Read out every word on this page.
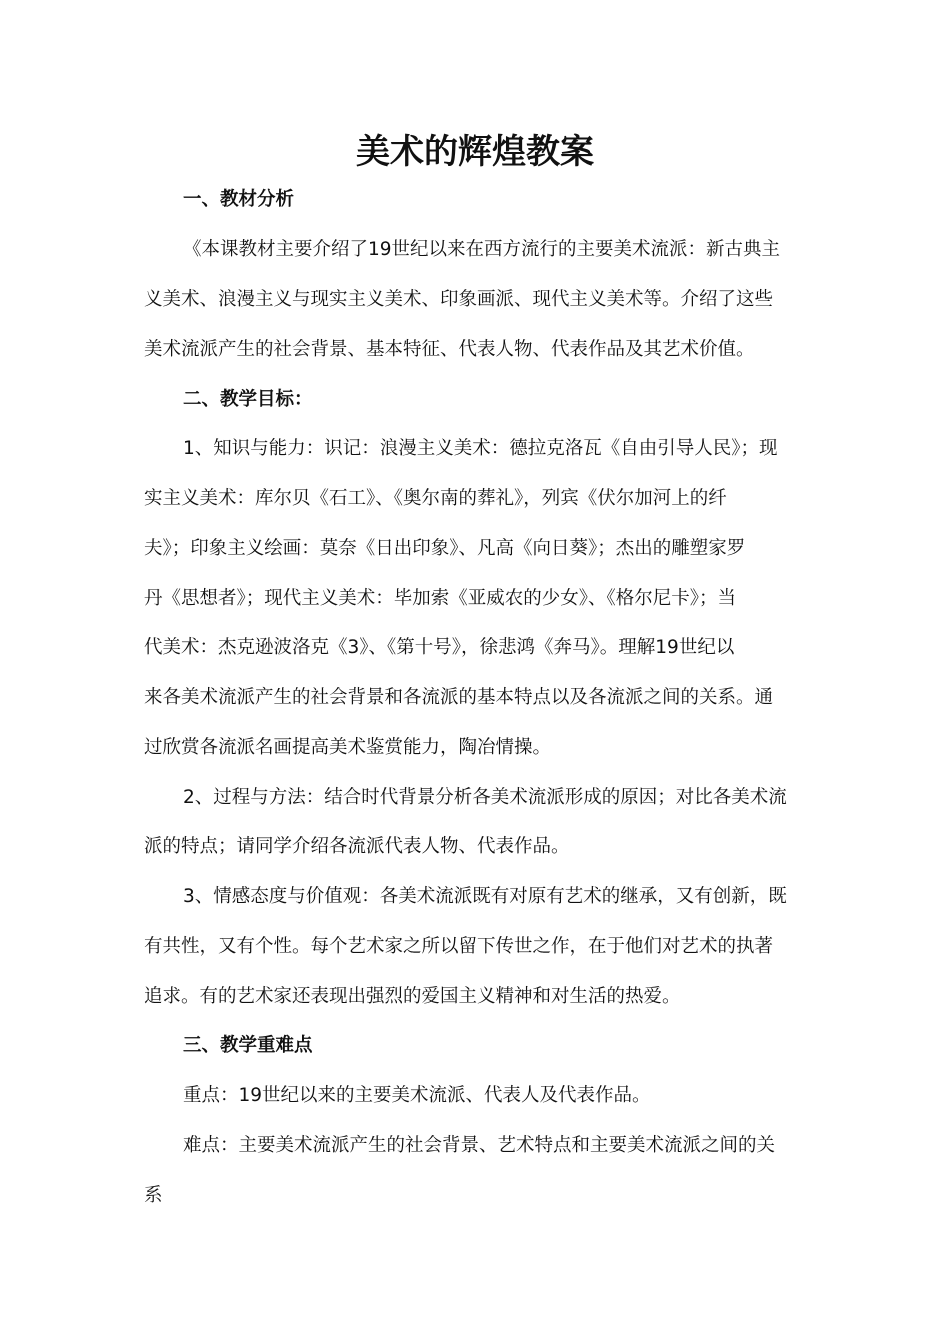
美术的辉煌教案
一、教材分析
《本课教材主要介绍了19世纪以来在西方流行的主要美术流派：新古典主
义美术、浪漫主义与现实主义美术、印象画派、现代主义美术等。介绍了这些
美术流派产生的社会背景、基本特征、代表人物、代表作品及其艺术价值。
二、教学目标：
1、知识与能力：识记：浪漫主义美术：德拉克洛瓦《自由引导人民》；现
实主义美术：库尔贝《石工》、《奥尔南的葬礼》，列宾《伏尔加河上的纤
夫》；印象主义绘画：莫奈《日出印象》、凡高《向日葵》；杰出的雕塑家罗
丹《思想者》；现代主义美术：毕加索《亚威农的少女》、《格尔尼卡》；当
代美术：杰克逊波洛克《3》、《第十号》，徐悲鸿《奔马》。理解19世纪以
来各美术流派产生的社会背景和各流派的基本特点以及各流派之间的关系。通
过欣赏各流派名画提高美术鉴赏能力，陶冶情操。
2、过程与方法：结合时代背景分析各美术流派形成的原因；对比各美术流
派的特点；请同学介绍各流派代表人物、代表作品。
3、情感态度与价值观：各美术流派既有对原有艺术的继承，又有创新，既
有共性，又有个性。每个艺术家之所以留下传世之作，在于他们对艺术的执著
追求。有的艺术家还表现出强烈的爱国主义精神和对生活的热爱。
三、教学重难点
重点：19世纪以来的主要美术流派、代表人及代表作品。
难点：主要美术流派产生的社会背景、艺术特点和主要美术流派之间的关
系
